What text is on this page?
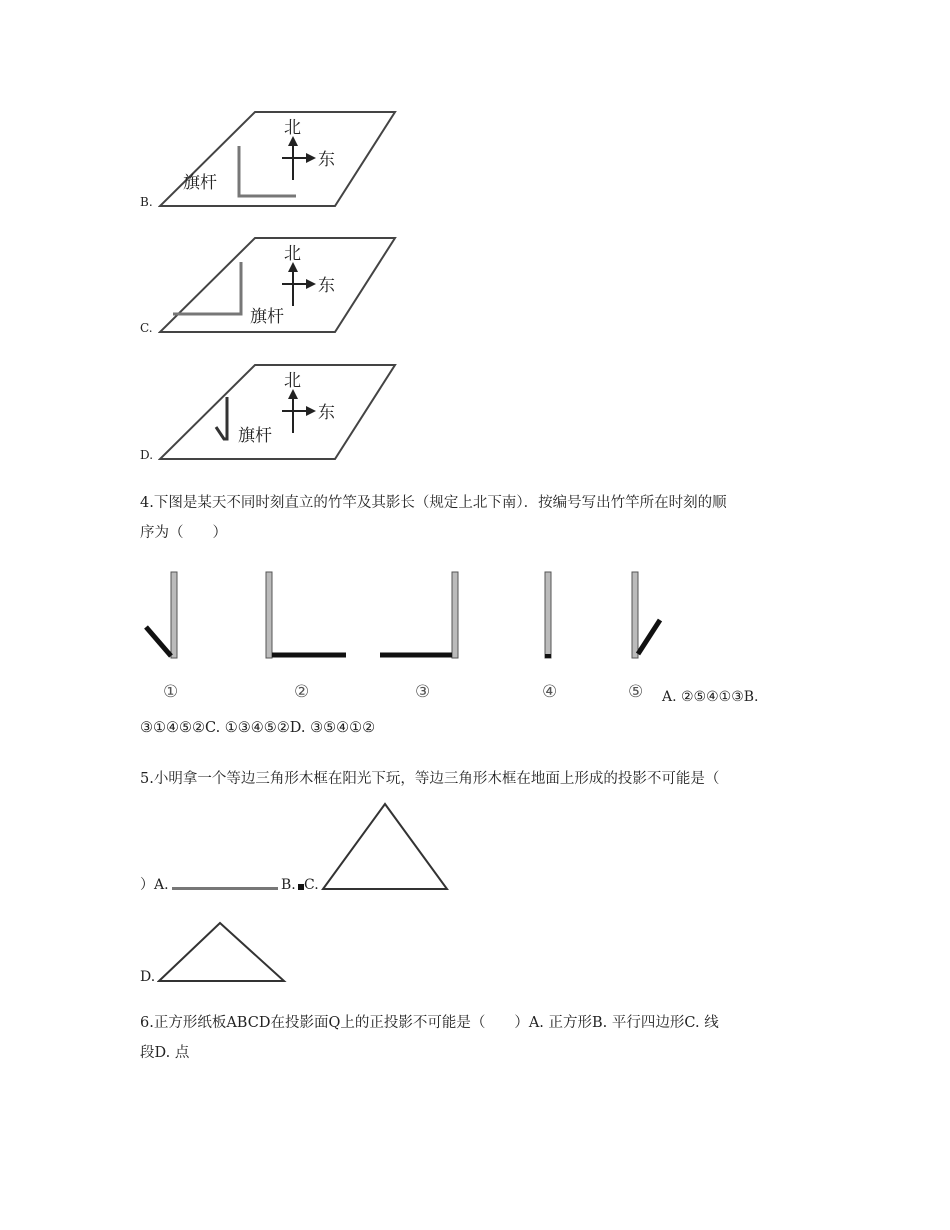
B.
北
东
旗杆
C.
北
东
旗杆
D.
北
东
旗杆
4.下图是某天不同时刻直立的竹竿及其影长（规定上北下南）．按编号写出竹竿所在时刻的顺
序为（　　）
①	②	③	④	⑤ A. ②⑤④①③B.
③①④⑤②C. ①③④⑤②D. ③⑤④①②
5.小明拿一个等边三角形木框在阳光下玩，等边三角形木框在地面上形成的投影不可能是（
）A.	B. C.
D.
6.正方形纸板ABCD在投影面Q上的正投影不可能是（　　）A. 正方形B. 平行四边形C. 线
段D. 点
